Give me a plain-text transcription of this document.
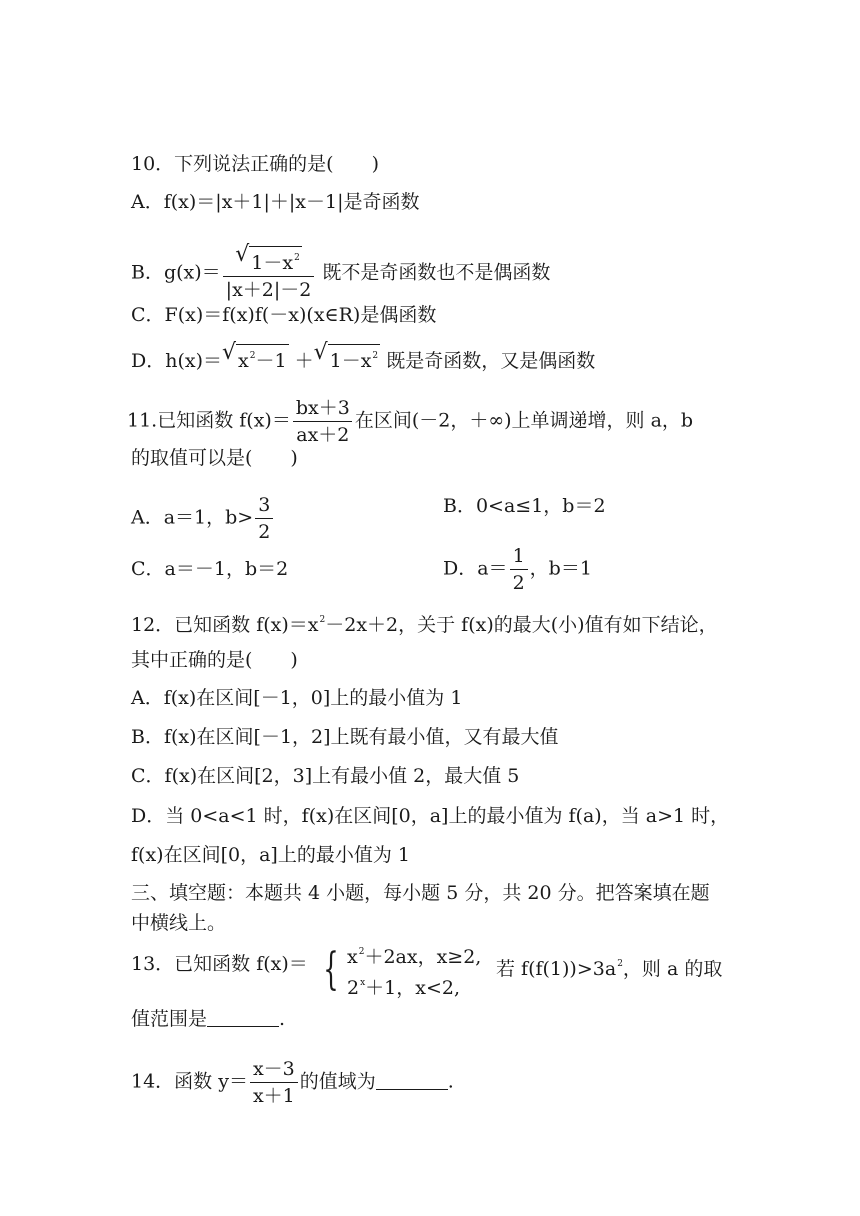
10．下列说法正确的是(　　)
A．f(x)＝|x＋1|＋|x－1|是奇函数
B．$g(x)= \frac{√ 1-x^2}{|x+2|-2}$ 既不是奇函数也不是偶函数
C．F(x)＝f(x)f(－x)(x∈R)是偶函数
D．h(x)＝ √ $x^2-1$ ＋ √ $1-x^2$ 既是奇函数，又是偶函数
11.已知函数 $f(x)= \frac{bx+3}{ax+2}$ 在区间(－2，＋∞)上单调递增，则 a，b
的取值可以是(　　)
A．a＝1，$b> \frac{3}{2}$	B．0<a≤1，b＝2
C．a＝－1，b＝2	D．$a= \frac{1}{2}$ ，b＝1
12．已知函数 $f(x)=x^2-2x+2$，关于 f(x)的最大(小)值有如下结论，
其中正确的是(　　)
A．f(x)在区间[－1，0]上的最小值为 1
B．f(x)在区间[－1，2]上既有最小值，又有最大值
C．f(x)在区间[2，3]上有最小值 2，最大值 5
D．当 0<a<1 时，f(x)在区间[0，a]上的最小值为 f(a)，当 a>1 时，
f(x)在区间[0，a]上的最小值为 1
三、填空题：本题共 4 小题，每小题 5 分，共 20 分。把答案填在题
中横线上。
13．已知函数 f(x)＝ { $x^2+2ax$，x≥2,
$2^x+1$，x<2,
若 $f(f(1))>3a^2$，则 a 的取
值范围是	.
14．函数 $y= \frac{x-3}{x+1}$ 的值域为	.
